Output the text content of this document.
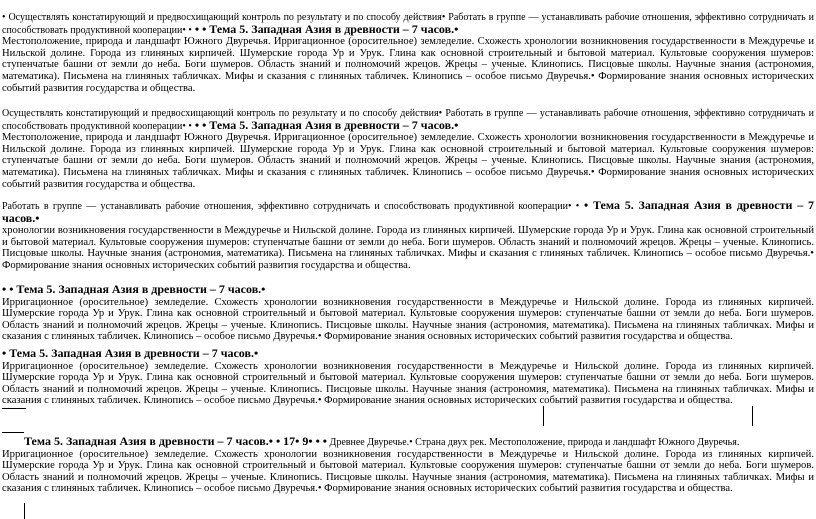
• Осуществлять констатирующий и предвосхищающий контроль по результату и по способу действия• Работать в группе — устанавливать рабочие отношения, эффективно сотрудничать и способствовать продуктивной кооперации• • • • Тема 5. Западная Азия в древности – 7 часов.•
Местоположение, природа и ландшафт Южного Двуречья. Ирригационное (оросительное) земледелие. Схожесть хронологии возникновения государственности в Междуречье и Нильской долине. Города из глиняных кирпичей. Шумерские города Ур и Урук. Глина как основной строительный и бытовой материал. Культовые сооружения шумеров: ступенчатые башни от земли до неба. Боги шумеров. Область знаний и полномочий жрецов. Жрецы – ученые. Клинопись. Писцовые школы. Научные знания (астрономия, математика). Письмена на глиняных табличках. Мифы и сказания с глиняных табличек. Клинопись – особое письмо Двуречья.• Формирование знания основных исторических событий развития государства и общества.
Осуществлять констатирующий и предвосхищающий контроль по результату и по способу действия• Работать в группе — устанавливать рабочие отношения, эффективно сотрудничать и способствовать продуктивной кооперации• • • • Тема 5. Западная Азия в древности – 7 часов.•
Местоположение, природа и ландшафт Южного Двуречья. Ирригационное (оросительное) земледелие. Схожесть хронологии возникновения государственности в Междуречье и Нильской долине. Города из глиняных кирпичей. Шумерские города Ур и Урук. Глина как основной строительный и бытовой материал. Культовые сооружения шумеров: ступенчатые башни от земли до неба. Боги шумеров. Область знаний и полномочий жрецов. Жрецы – ученые. Клинопись. Писцовые школы. Научные знания (астрономия, математика). Письмена на глиняных табличках. Мифы и сказания с глиняных табличек. Клинопись – особое письмо Двуречья.• Формирование знания основных исторических событий развития государства и общества.
Работать в группе — устанавливать рабочие отношения, эффективно сотрудничать и способствовать продуктивной кооперации• • • Тема 5. Западная Азия в древности – 7 часов.•
хронологии возникновения государственности в Междуречье и Нильской долине. Города из глиняных кирпичей. Шумерские города Ур и Урук. Глина как основной строительный и бытовой материал. Культовые сооружения шумеров: ступенчатые башни от земли до неба. Боги шумеров. Область знаний и полномочий жрецов. Жрецы – ученые. Клинопись. Писцовые школы. Научные знания (астрономия, математика). Письмена на глиняных табличках. Мифы и сказания с глиняных табличек. Клинопись – особое письмо Двуречья.• Формирование знания основных исторических событий развития государства и общества.
• • Тема 5. Западная Азия в древности – 7 часов.•
Ирригационное (оросительное) земледелие. Схожесть хронологии возникновения государственности в Междуречье и Нильской долине. Города из глиняных кирпичей. Шумерские города Ур и Урук. Глина как основной строительный и бытовой материал. Культовые сооружения шумеров: ступенчатые башни от земли до неба. Боги шумеров. Область знаний и полномочий жрецов. Жрецы – ученые. Клинопись. Писцовые школы. Научные знания (астрономия, математика). Письмена на глиняных табличках. Мифы и сказания с глиняных табличек. Клинопись – особое письмо Двуречья.• Формирование знания основных исторических событий развития государства и общества.
• Тема 5. Западная Азия в древности – 7 часов.•
Ирригационное (оросительное) земледелие. Схожесть хронологии возникновения государственности в Междуречье и Нильской долине. Города из глиняных кирпичей. Шумерские города Ур и Урук. Глина как основной строительный и бытовой материал. Культовые сооружения шумеров: ступенчатые башни от земли до неба. Боги шумеров. Область знаний и полномочий жрецов. Жрецы – ученые. Клинопись. Писцовые школы. Научные знания (астрономия, математика). Письмена на глиняных табличках. Мифы и сказания с глиняных табличек. Клинопись – особое письмо Двуречья.• Формирование знания основных исторических событий развития государства и общества.
Тема 5. Западная Азия в древности – 7 часов.• • 17• 9• • • Древнее Двуречье.• Страна двух рек. Местоположение, природа и ландшафт Южного Двуречья.
Ирригационное (оросительное) земледелие. Схожесть хронологии возникновения государственности в Междуречье и Нильской долине. Города из глиняных кирпичей. Шумерские города Ур и Урук. Глина как основной строительный и бытовой материал. Культовые сооружения шумеров: ступенчатые башни от земли до неба. Боги шумеров. Область знаний и полномочий жрецов. Жрецы – ученые. Клинопись. Писцовые школы. Научные знания (астрономия, математика). Письмена на глиняных табличках. Мифы и сказания с глиняных табличек. Клинопись – особое письмо Двуречья.• Формирование знания основных исторических событий развития государства и общества.
